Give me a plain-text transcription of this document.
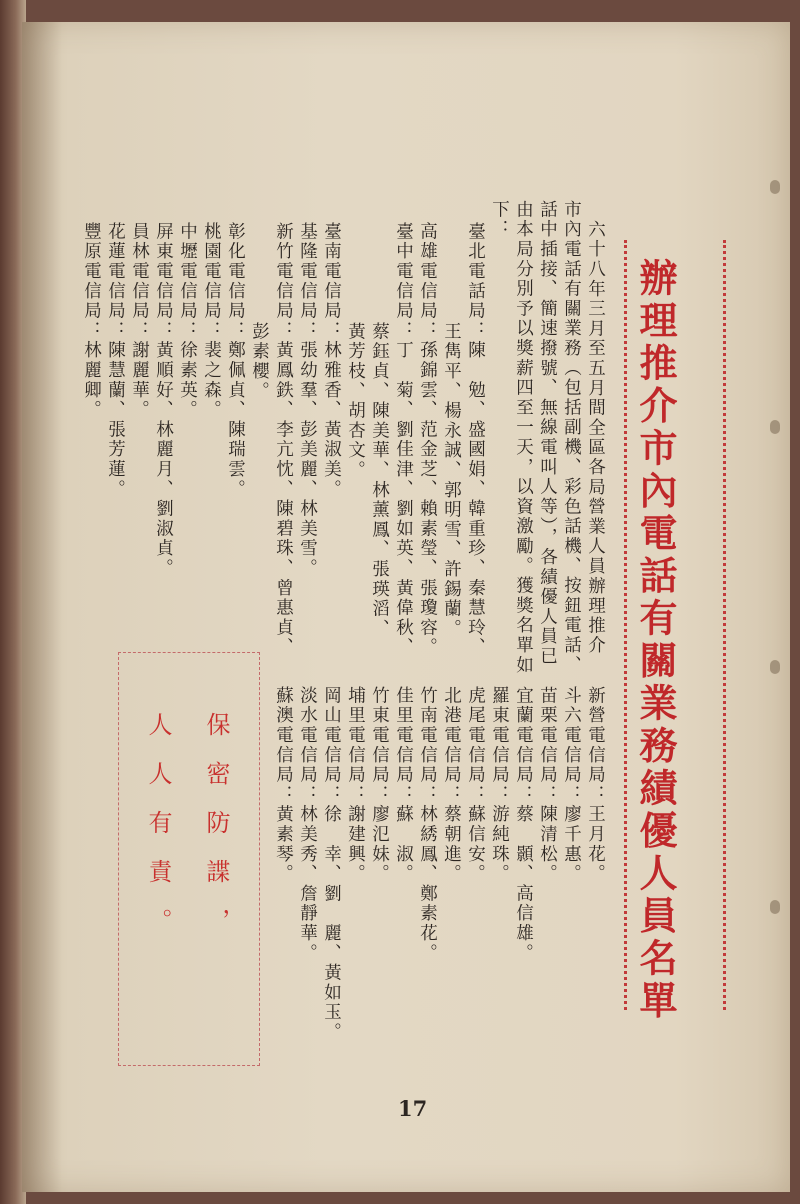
辦理推介市內電話有關業務績優人員名單
六十八年三月至五月間全區各局營業人員辦理推介
市內電話有關業務（包括副機、彩色話機、按鈕電話、
話中插接、簡速撥號、無線電叫人等），各績優人員已
由本局分別予以獎薪四至一天，以資激勵。獲獎名單如
下：
臺北電話局：陳　勉、盛國娟、韓重珍、秦慧玲、
王雋平、楊永誠、郭明雪、許錫蘭。
高雄電信局：孫錦雲、范金芝、賴素瑩、張瓊容。
臺中電信局：丁　菊、劉佳津、劉如英、黃偉秋、
蔡鈺貞、陳美華、林薰鳳、張瑛滔、
黃芳枝、胡杏文。
臺南電信局：林雅香、黃淑美。
基隆電信局：張幼羣、彭美麗、林美雪。
新竹電信局：黃鳳鉄、李亢忱、陳碧珠、曾惠貞、
彭素櫻。
彰化電信局：鄭佩貞、陳瑞雲。
桃園電信局：裴之森。
中壢電信局：徐素英。
屏東電信局：黃順好、林麗月、劉淑貞。
員林電信局：謝麗華。
花蓮電信局：陳慧蘭、張芳蓮。
豐原電信局：林麗卿。
新營電信局：王月花。
斗六電信局：廖千惠。
苗栗電信局：陳清松。
宜蘭電信局：蔡　顥、高信雄。
羅東電信局：游純珠。
虎尾電信局：蘇信安。
北港電信局：蔡朝進。
竹南電信局：林綉鳳、鄭素花。
佳里電信局：蘇　淑。
竹東電信局：廖氾妹。
埔里電信局：謝建興。
岡山電信局：徐　幸、劉　麗、黃如玉。
淡水電信局：林美秀、詹靜華。
蘇澳電信局：黃素琴。
保密防諜，
人人有責。
17
